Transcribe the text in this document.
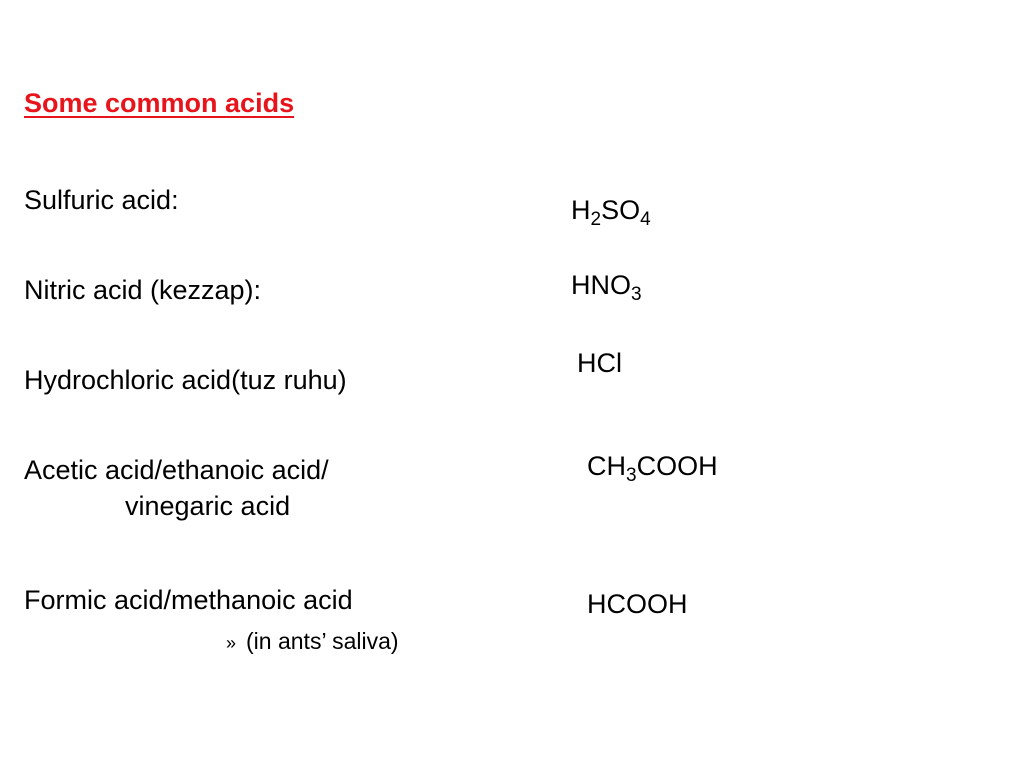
Some common acids
Sulfuric acid:	$H_2SO_4$
Nitric acid (kezzap):	$HNO_3$
Hydrochloric acid(tuz ruhu)
HCl
Acetic acid/ethanoic acid/
vinegaric acid
$CH_3COOH$
Formic acid/methanoic acid
» (in ants’ saliva)
HCOOH
